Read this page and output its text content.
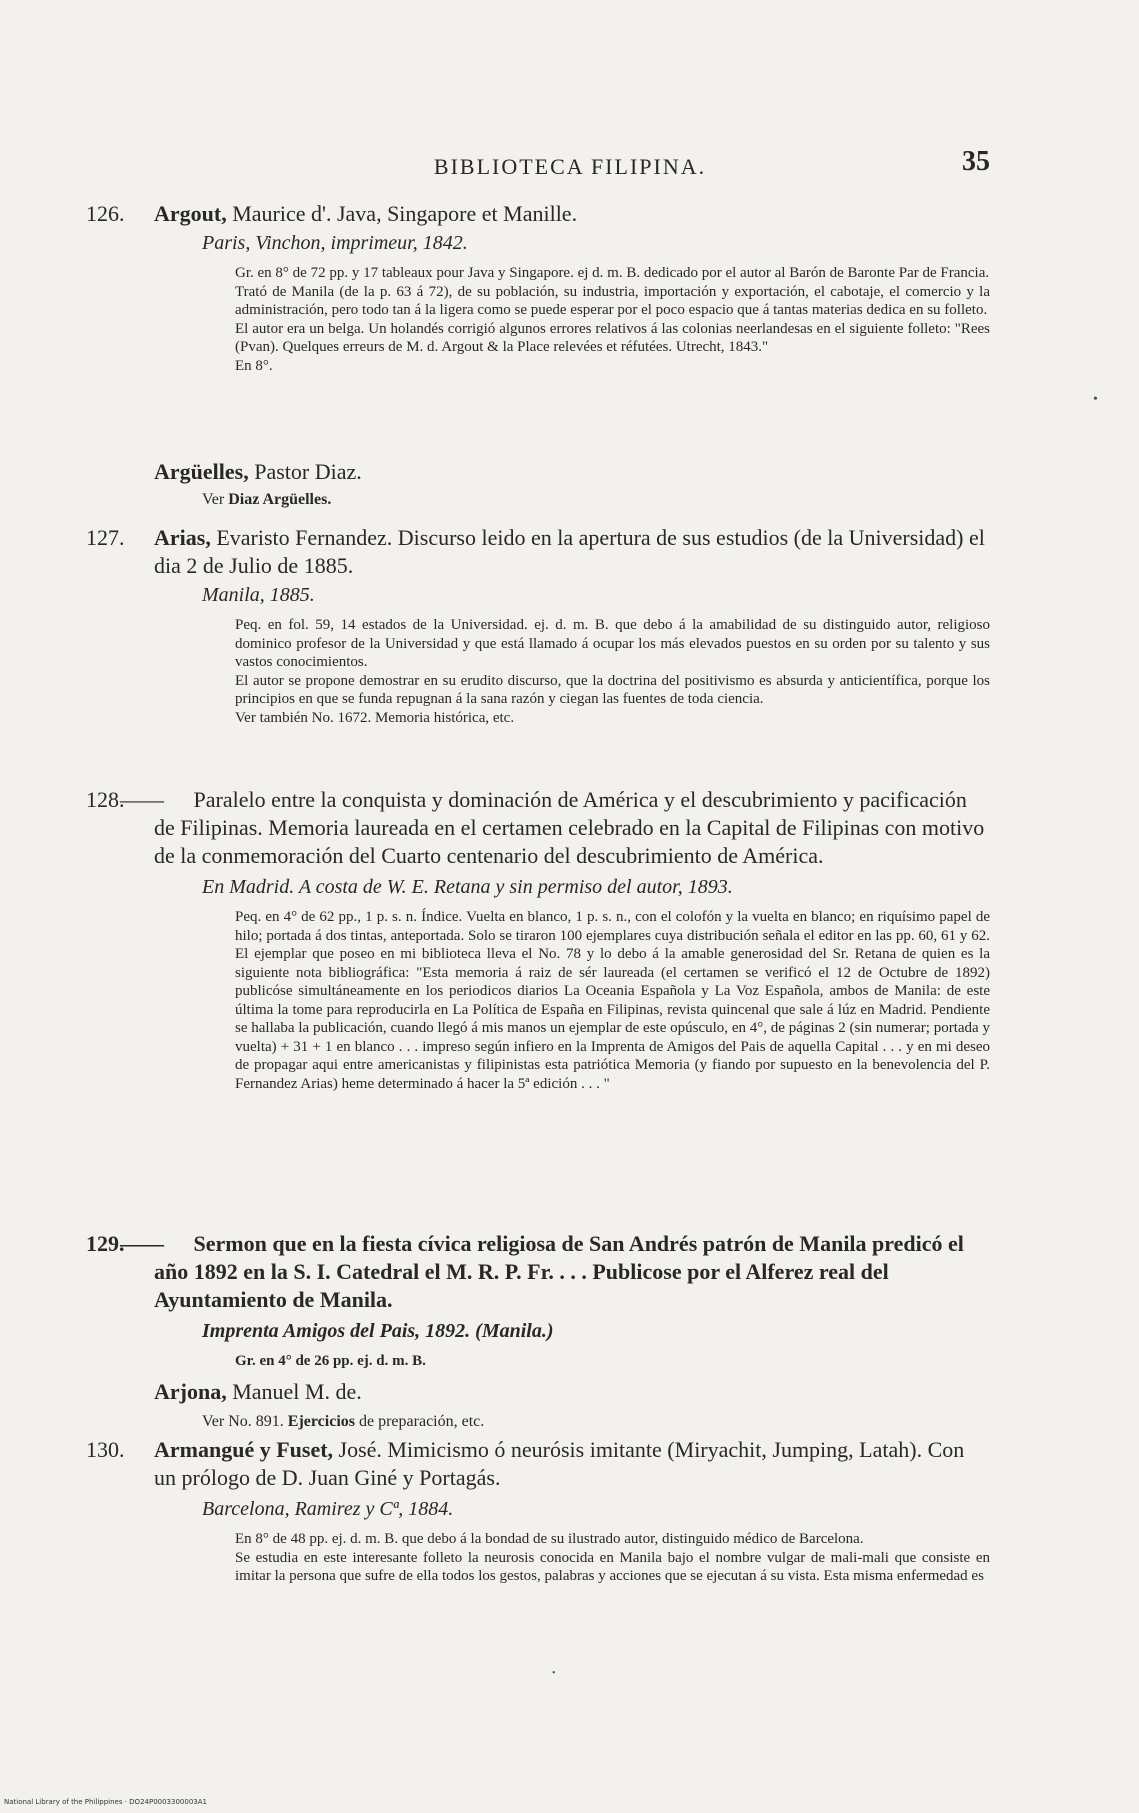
BIBLIOTECA FILIPINA.	35
126. Argout, Maurice d'. Java, Singapore et Manille.
Paris, Vinchon, imprimeur, 1842.

Gr. en 8° de 72 pp. y 17 tableaux pour Java y Singapore. ej d. m. B. dedicado por el autor al Barón de Baronte Par de Francia.

Trató de Manila (de la p. 63 á 72), de su población, su industria, importación y exportación, el cabotaje, el comercio y la administración, pero todo tan á la ligera como se puede esperar por el poco espacio que á tantas materias dedica en su folleto.

El autor era un belga. Un holandés corrigió algunos errores relativos á las colonias neerlandesas en el siguiente folleto: "Rees (Pvan). Quelques erreurs de M. d. Argout & la Place relevées et réfutées. Utrecht, 1843."

En 8°.

Argüelles, Pastor Diaz.
Ver Diaz Argüelles.
127. Arias, Evaristo Fernandez. Discurso leido en la apertura de sus estudios (de la Universidad) el dia 2 de Julio de 1885.
Manila, 1885.

Peq. en fol. 59, 14 estados de la Universidad. ej. d. m. B. que debo á la amabilidad de su distinguido autor, religioso dominico profesor de la Universidad y que está llamado á ocupar los más elevados puestos en su orden por su talento y sus vastos conocimientos.

El autor se propone demostrar en su erudito discurso, que la doctrina del positivismo es absurda y anticientífica, porque los principios en que se funda repugnan á la sana razón y ciegan las fuentes de toda ciencia.

Ver también No. 1672. Memoria histórica, etc.

128.—— Paralelo entre la conquista y dominación de América y el descubrimiento y pacificación de Filipinas. Memoria laureada en el certamen celebrado en la Capital de Filipinas con motivo de la conmemoración del Cuarto centenario del descubrimiento de América.
En Madrid. A costa de W. E. Retana y sin permiso del autor, 1893.

Peq. en 4° de 62 pp., 1 p. s. n. Índice. Vuelta en blanco, 1 p. s. n., con el colofón y la vuelta en blanco; en riquísimo papel de hilo; portada á dos tintas, anteportada. Solo se tiraron 100 ejemplares cuya distribución señala el editor en las pp. 60, 61 y 62. El ejemplar que poseo en mi biblioteca lleva el No. 78 y lo debo á la amable generosidad del Sr. Retana de quien es la siguiente nota bibliográfica: "Esta memoria á raiz de sér laureada (el certamen se verificó el 12 de Octubre de 1892) publicóse simultáneamente en los periodicos diarios La Oceania Española y La Voz Española, ambos de Manila: de este última la tome para reproducirla en La Política de España en Filipinas, revista quincenal que sale á lúz en Madrid. Pendiente se hallaba la publicación, cuando llegó á mis manos un ejemplar de este opúsculo, en 4°, de páginas 2 (sin numerar; portada y vuelta) + 31 + 1 en blanco . . . impreso según infiero en la Imprenta de Amigos del Pais de aquella Capital . . . y en mi deseo de propagar aqui entre americanistas y filipinistas esta patriótica Memoria (y fiando por supuesto en la benevolencia del P. Fernandez Arias) heme determinado á hacer la 5ª edición . . . "

129.—— Sermon que en la fiesta cívica religiosa de San Andrés patrón de Manila predicó el año 1892 en la S. I. Catedral el M. R. P. Fr. . . . Publicose por el Alferez real del Ayuntamiento de Manila.
Imprenta Amigos del Pais, 1892. (Manila.)

Gr. en 4° de 26 pp. ej. d. m. B.

Arjona, Manuel M. de.
Ver No. 891. Ejercicios de preparación, etc.
130. Armangué y Fuset, José. Mimicismo ó neurósis imitante (Miryachit, Jumping, Latah). Con un prólogo de D. Juan Giné y Portagás.
Barcelona, Ramirez y Cª, 1884.

En 8° de 48 pp. ej. d. m. B. que debo á la bondad de su ilustrado autor, distinguido médico de Barcelona.

Se estudia en este interesante folleto la neurosis conocida en Manila bajo el nombre vulgar de mali-mali que consiste en imitar la persona que sufre de ella todos los gestos, palabras y acciones que se ejecutan á su vista. Esta misma enfermedad es

•
•
National Library of the Philippines · DO24P0003300003A1
